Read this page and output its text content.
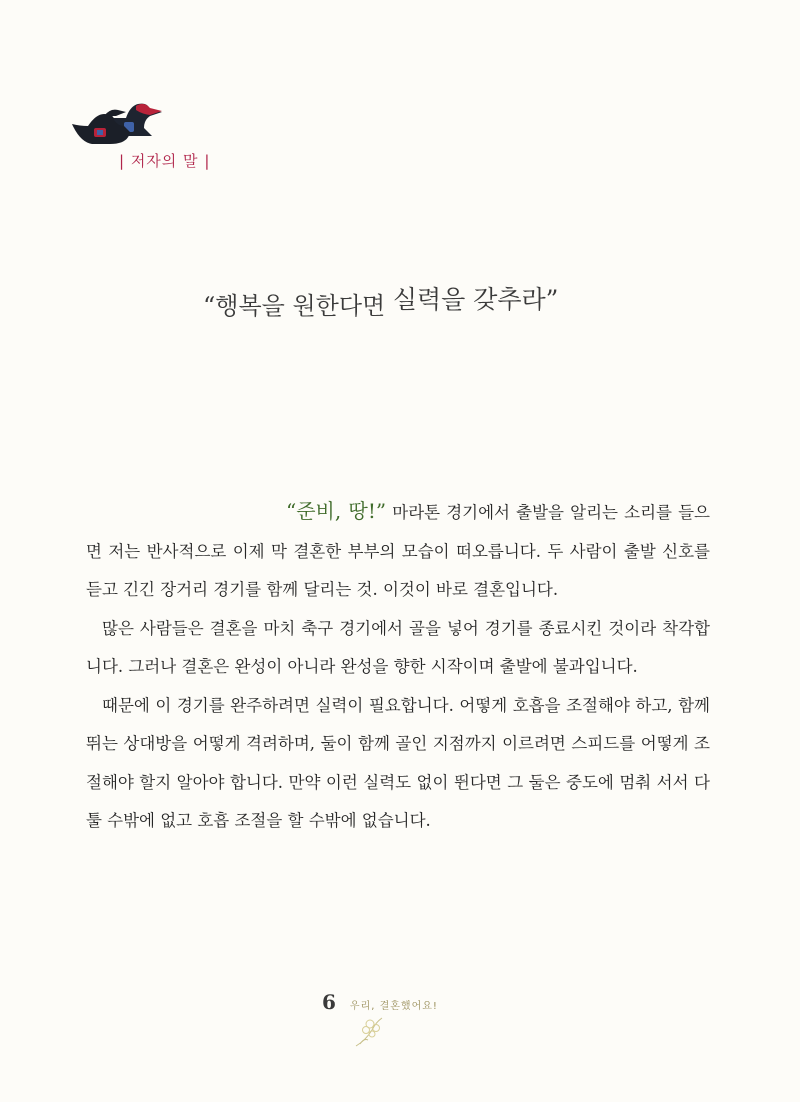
| 저자의 말 |
“행복을 원한다면 실력을 갖추라”

“준비, 땅!” 마라톤 경기에서 출발을 알리는 소리를 들으면 저는 반사적으로 이제 막 결혼한 부부의 모습이 떠오릅니다. 두 사람이 출발 신호를 듣고 긴긴 장거리 경기를 함께 달리는 것. 이것이 바로 결혼입니다.

많은 사람들은 결혼을 마치 축구 경기에서 골을 넣어 경기를 종료시킨 것이라 착각합니다. 그러나 결혼은 완성이 아니라 완성을 향한 시작이며 출발에 불과입니다.

때문에 이 경기를 완주하려면 실력이 필요합니다. 어떻게 호흡을 조절해야 하고, 함께 뛰는 상대방을 어떻게 격려하며, 둘이 함께 골인 지점까지 이르려면 스피드를 어떻게 조절해야 할지 알아야 합니다. 만약 이런 실력도 없이 뛴다면 그 둘은 중도에 멈춰 서서 다툴 수밖에 없고 호흡 조절을 할 수밖에 없습니다.

6 우리, 결혼했어요!
